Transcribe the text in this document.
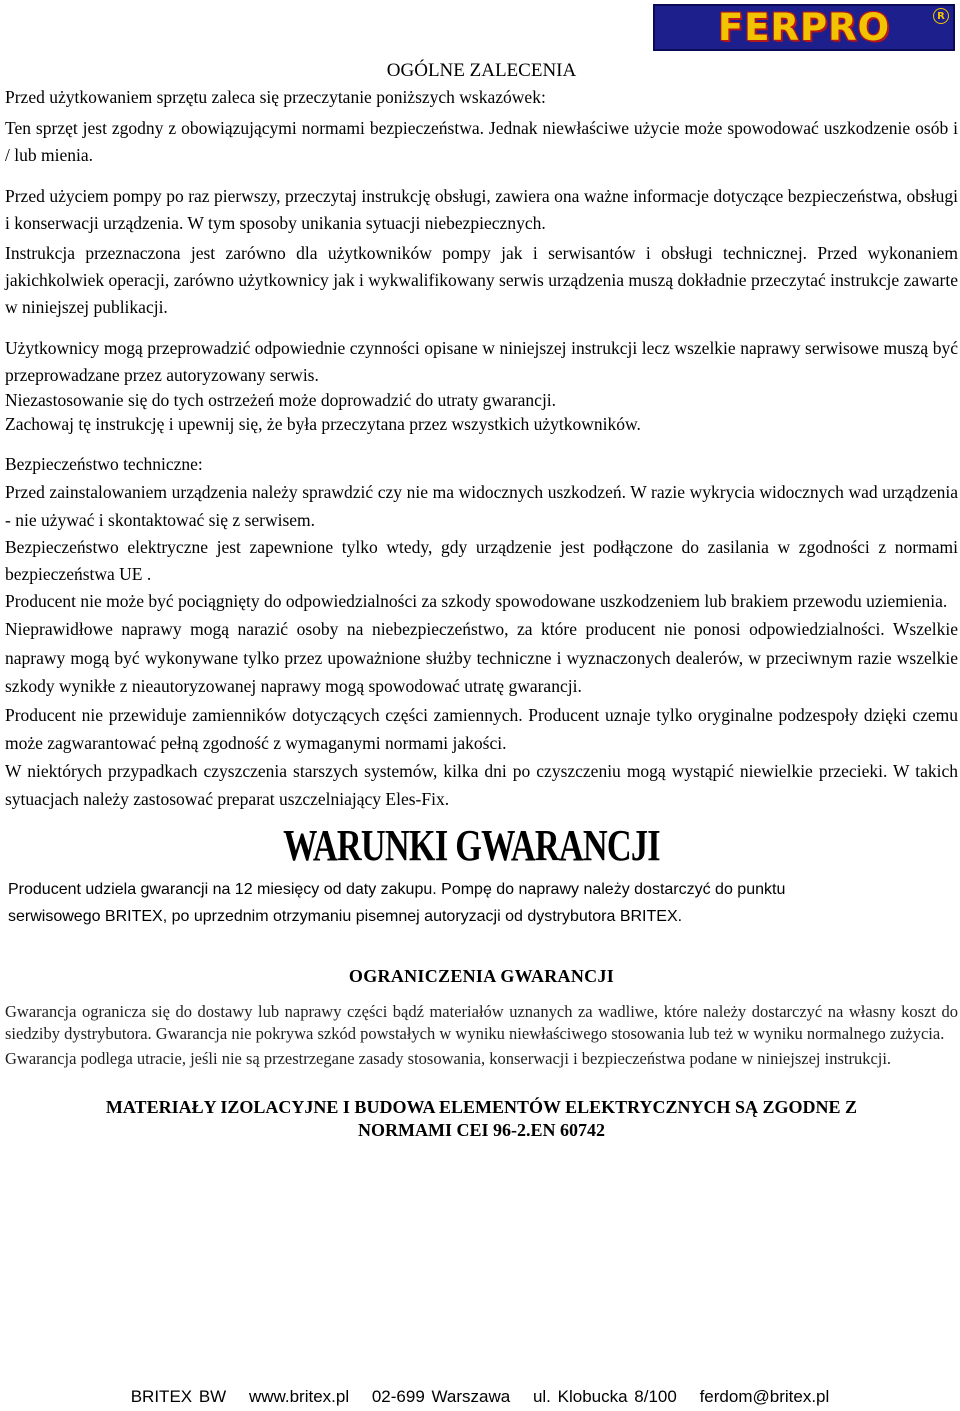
FERPRO	R
OGÓLNE ZALECENIA

Przed użytkowaniem sprzętu zaleca się przeczytanie poniższych wskazówek:

Ten sprzęt jest zgodny z obowiązującymi normami bezpieczeństwa. Jednak niewłaściwe użycie może spowodować uszkodzenie osób i / lub mienia.

Przed użyciem pompy po raz pierwszy, przeczytaj instrukcję obsługi, zawiera ona ważne informacje dotyczące bezpieczeństwa, obsługi i konserwacji urządzenia. W tym sposoby unikania sytuacji niebezpiecznych.

Instrukcja przeznaczona jest zarówno dla użytkowników pompy jak i serwisantów i obsługi technicznej. Przed wykonaniem jakichkolwiek operacji, zarówno użytkownicy jak i wykwalifikowany serwis urządzenia muszą dokładnie przeczytać instrukcje zawarte w niniejszej publikacji.

Użytkownicy mogą przeprowadzić odpowiednie czynności opisane w niniejszej instrukcji lecz wszelkie naprawy serwisowe muszą być przeprowadzane przez autoryzowany serwis.

Niezastosowanie się do tych ostrzeżeń może doprowadzić do utraty gwarancji.

Zachowaj tę instrukcję i upewnij się, że była przeczytana przez wszystkich użytkowników.

Bezpieczeństwo techniczne:

Przed zainstalowaniem urządzenia należy sprawdzić czy nie ma widocznych uszkodzeń. W razie wykrycia widocznych wad urządzenia - nie używać i skontaktować się z serwisem.

Bezpieczeństwo elektryczne jest zapewnione tylko wtedy, gdy urządzenie jest podłączone do zasilania w zgodności z normami bezpieczeństwa UE .

Producent nie może być pociągnięty do odpowiedzialności za szkody spowodowane uszkodzeniem lub brakiem przewodu uziemienia.

Nieprawidłowe naprawy mogą narazić osoby na niebezpieczeństwo, za które producent nie ponosi odpowiedzialności. Wszelkie naprawy mogą być wykonywane tylko przez upoważnione służby techniczne i wyznaczonych dealerów, w przeciwnym razie wszelkie szkody wynikłe z nieautoryzowanej naprawy mogą spowodować utratę gwarancji.

Producent nie przewiduje zamienników dotyczących części zamiennych. Producent uznaje tylko oryginalne podzespoły dzięki czemu może zagwarantować pełną zgodność z wymaganymi normami jakości.

W niektórych przypadkach czyszczenia starszych systemów, kilka dni po czyszczeniu mogą wystąpić niewielkie przecieki. W takich sytuacjach należy zastosować preparat uszczelniający Eles-Fix.

WARUNKI GWARANCJI

Producent udziela gwarancji na 12 miesięcy od daty zakupu. Pompę do naprawy należy dostarczyć do punktu

serwisowego BRITEX, po uprzednim otrzymaniu pisemnej autoryzacji od dystrybutora BRITEX.

OGRANICZENIA GWARANCJI

Gwarancja ogranicza się do dostawy lub naprawy części bądź materiałów uznanych za wadliwe, które należy dostarczyć na własny koszt do siedziby dystrybutora. Gwarancja nie pokrywa szkód powstałych w wyniku niewłaściwego stosowania lub też w wyniku normalnego zużycia.

Gwarancja podlega utracie, jeśli nie są przestrzegane zasady stosowania, konserwacji i bezpieczeństwa podane w niniejszej instrukcji.

MATERIAŁY IZOLACYJNE I BUDOWA ELEMENTÓW ELEKTRYCZNYCH SĄ ZGODNE Z
NORMAMI CEI 96-2.EN 60742
BRITEX BW www.britex.pl 02-699 Warszawa ul. Klobucka 8/100 ferdom@britex.pl
